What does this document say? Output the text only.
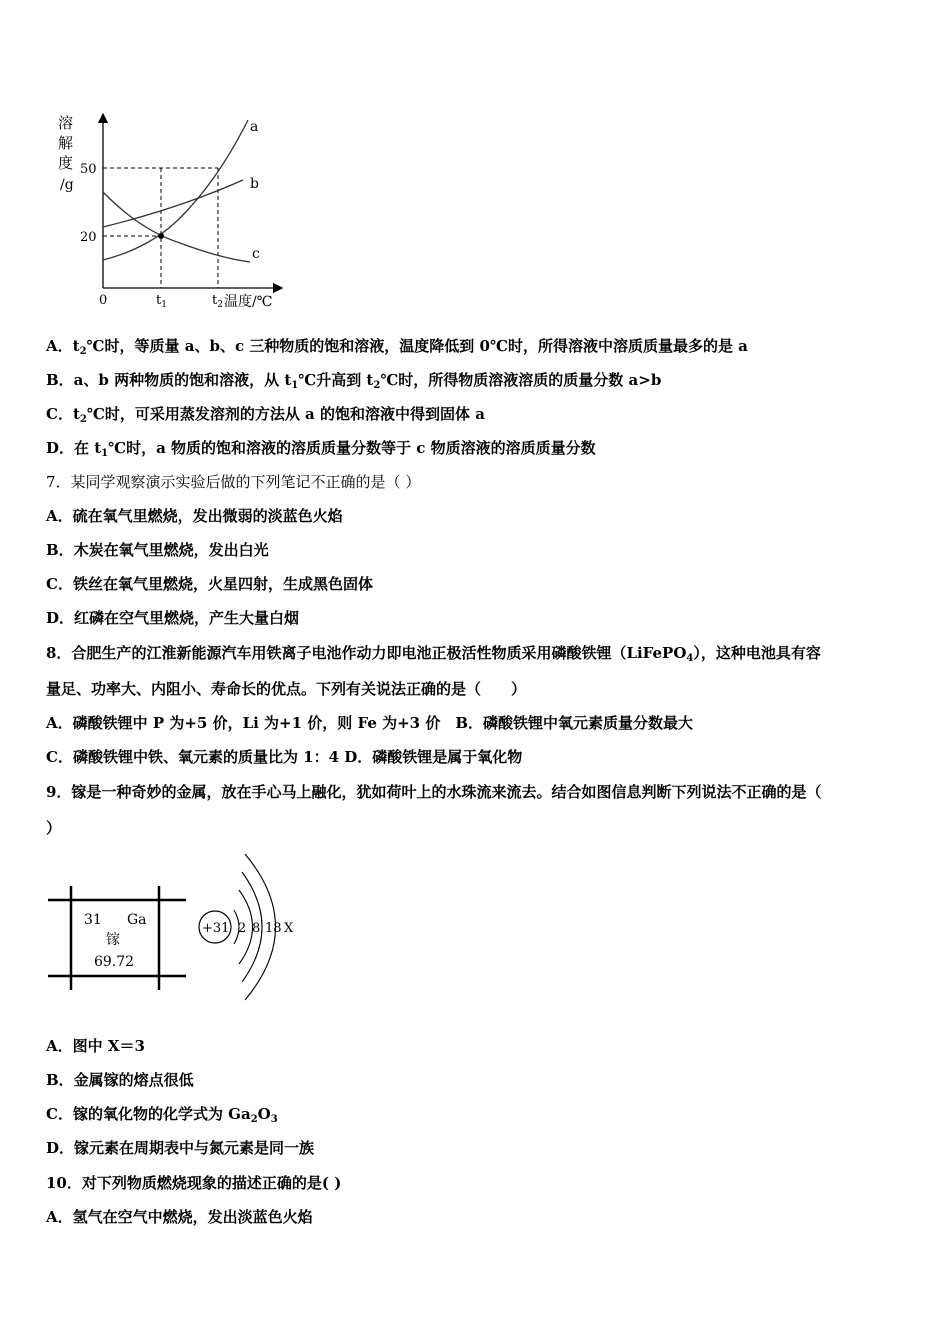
溶
解
度
/g
50
20
a
b
c
0	$t_1$	$t_2$ 温度/℃
A．$t_2℃$时，等质量 a、b、c 三种物质的饱和溶液，温度降低到 0℃时，所得溶液中溶质质量最多的是 a
B．a、b 两种物质的饱和溶液，从 $t_1℃$升高到 $t_2℃$时，所得物质溶液溶质的质量分数 a>b
C．$t_2℃$时，可采用蒸发溶剂的方法从 a 的饱和溶液中得到固体 a
D．在 $t_1℃$时，a 物质的饱和溶液的溶质质量分数等于 c 物质溶液的溶质质量分数
7．某同学观察演示实验后做的下列笔记不正确的是（ ）
A．硫在氧气里燃烧，发出微弱的淡蓝色火焰
B．木炭在氧气里燃烧，发出白光
C．铁丝在氧气里燃烧，火星四射，生成黑色固体
D．红磷在空气里燃烧，产生大量白烟
8．合肥生产的江淮新能源汽车用铁离子电池作动力即电池正极活性物质采用磷酸铁锂（LiFePO$_4$），这种电池具有容
量足、功率大、内阻小、寿命长的优点。下列有关说法正确的是（　　）
A．磷酸铁锂中 P 为+5 价，Li 为+1 价，则 Fe 为+3 价　B．磷酸铁锂中氧元素质量分数最大
C．磷酸铁锂中铁、氧元素的质量比为 1：4 D．磷酸铁锂是属于氧化物
9．镓是一种奇妙的金属，放在手心马上融化，犹如荷叶上的水珠流来流去。结合如图信息判断下列说法不正确的是（
）
31 Ga
镓
69.72
+31 2 8 18 X
A．图中 X＝3
B．金属镓的熔点很低
C．镓的氧化物的化学式为 $Ga_2O_3$
D．镓元素在周期表中与氮元素是同一族
10．对下列物质燃烧现象的描述正确的是( )
A．氢气在空气中燃烧，发出淡蓝色火焰
